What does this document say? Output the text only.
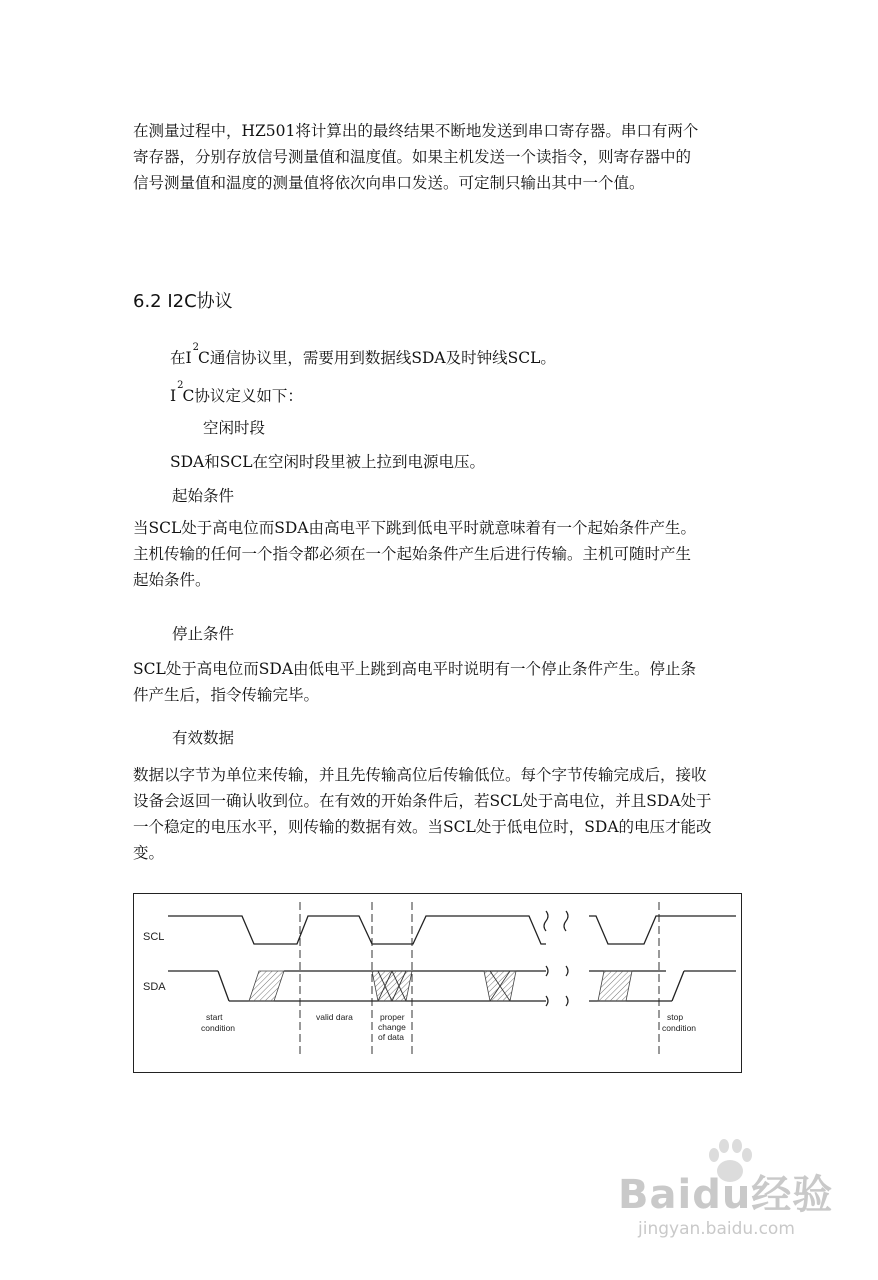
在测量过程中，HZ501将计算出的最终结果不断地发送到串口寄存器。串口有两个
寄存器，分别存放信号测量值和温度值。如果主机发送一个读指令，则寄存器中的
信号测量值和温度的测量值将依次向串口发送。可定制只输出其中一个值。

6.2 I2C协议
在$I^2C$通信协议里，需要用到数据线SDA及时钟线SCL。
$I^2C$协议定义如下：
空闲时段
SDA和SCL在空闲时段里被上拉到电源电压。
起始条件

当SCL处于高电位而SDA由高电平下跳到低电平时就意味着有一个起始条件产生。
主机传输的任何一个指令都必须在一个起始条件产生后进行传输。主机可随时产生
起始条件。

停止条件

SCL处于高电位而SDA由低电平上跳到高电平时说明有一个停止条件产生。停止条
件产生后，指令传输完毕。

有效数据

数据以字节为单位来传输，并且先传输高位后传输低位。每个字节传输完成后，接收
设备会返回一确认收到位。在有效的开始条件后，若SCL处于高电位，并且SDA处于
一个稳定的电压水平，则传输的数据有效。当SCL处于低电位时，SDA的电压才能改
变。

SCL
SDA
start
condition
valid dara	proper
change
of data
stop
condition
Baidu经验
jingyan.baidu.com
